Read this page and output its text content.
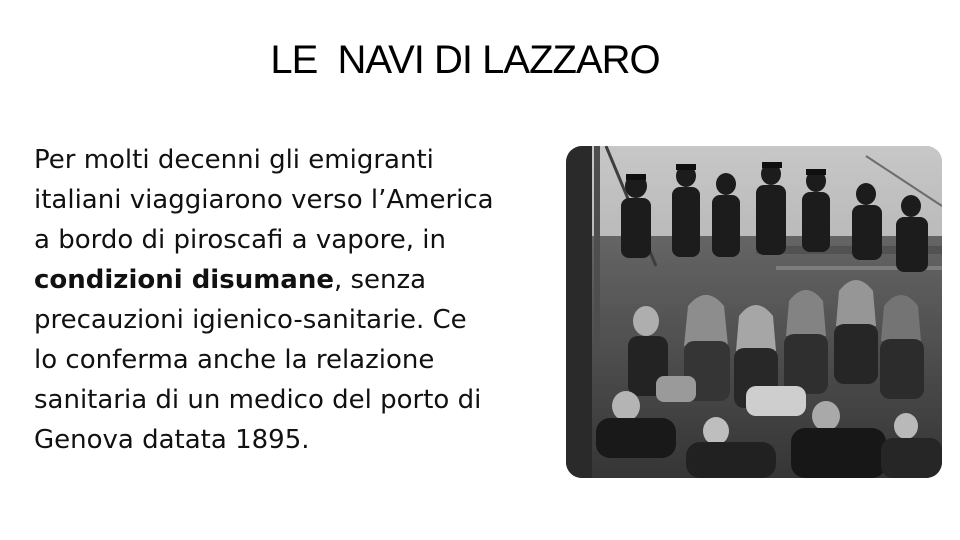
LE  NAVI DI LAZZARO
Per molti decenni gli emigranti
italiani viaggiarono verso l’America
a bordo di piroscafi a vapore, in
condizioni disumane, senza
precauzioni igienico-sanitarie. Ce
lo conferma anche la relazione
sanitaria di un medico del porto di
Genova datata 1895.
